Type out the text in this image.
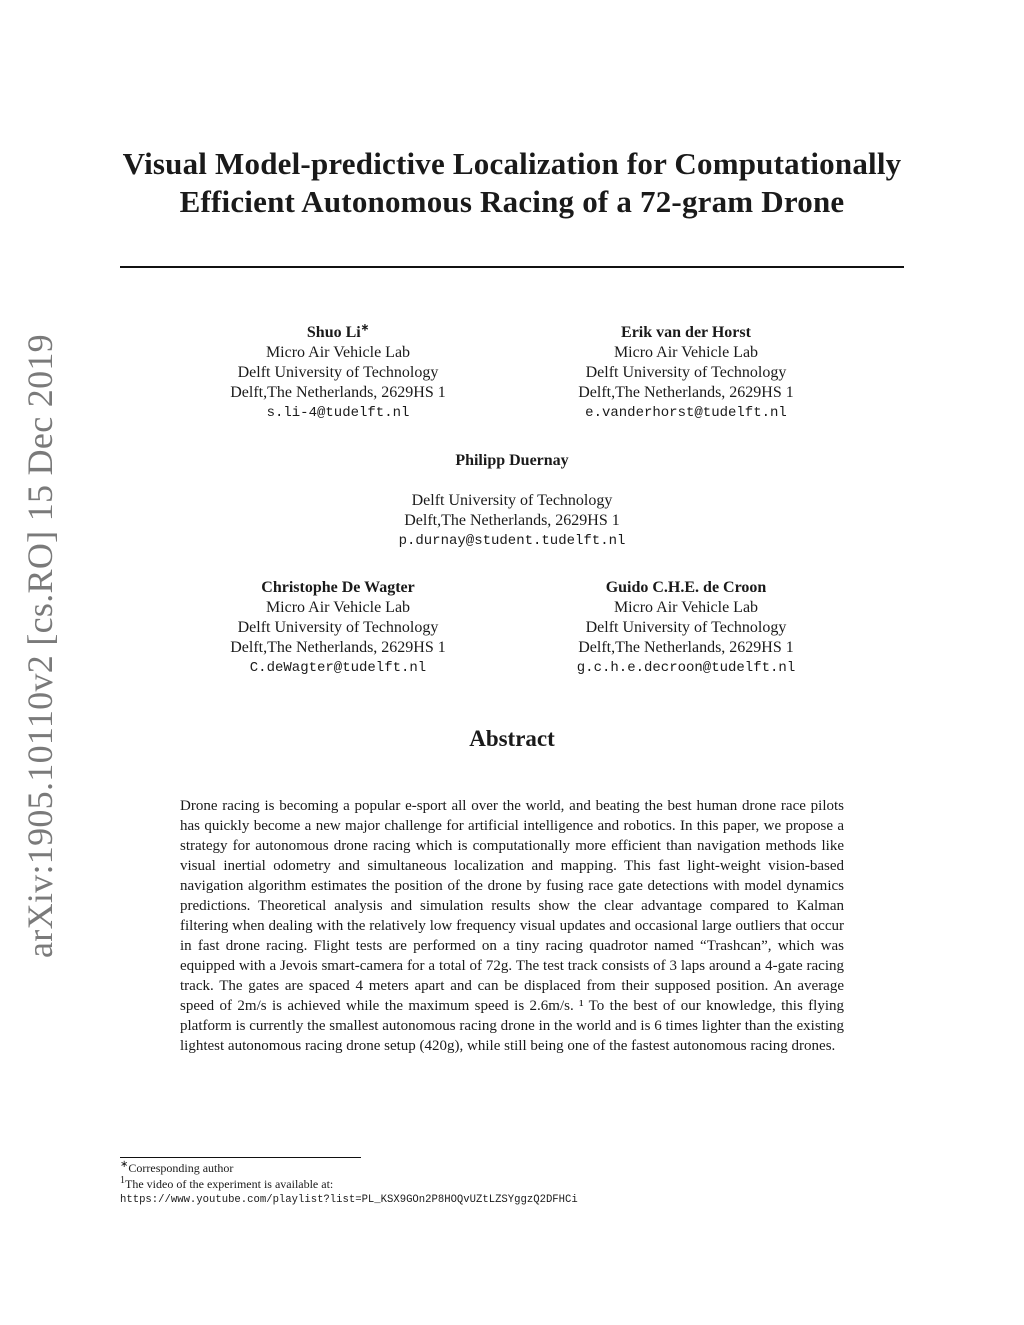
arXiv:1905.10110v2 [cs.RO] 15 Dec 2019
Visual Model-predictive Localization for Computationally Efficient Autonomous Racing of a 72-gram Drone
Shuo Li∗
Micro Air Vehicle Lab
Delft University of Technology
Delft,The Netherlands, 2629HS 1
s.li-4@tudelft.nl
Erik van der Horst
Micro Air Vehicle Lab
Delft University of Technology
Delft,The Netherlands, 2629HS 1
e.vanderhorst@tudelft.nl
Philipp Duernay
Delft University of Technology
Delft,The Netherlands, 2629HS 1
p.durnay@student.tudelft.nl
Christophe De Wagter
Micro Air Vehicle Lab
Delft University of Technology
Delft,The Netherlands, 2629HS 1
C.deWagter@tudelft.nl
Guido C.H.E. de Croon
Micro Air Vehicle Lab
Delft University of Technology
Delft,The Netherlands, 2629HS 1
g.c.h.e.decroon@tudelft.nl
Abstract

Drone racing is becoming a popular e-sport all over the world, and beating the best human drone race pilots has quickly become a new major challenge for artificial intelligence and robotics. In this paper, we propose a strategy for autonomous drone racing which is computationally more efficient than navigation methods like visual inertial odometry and simultaneous localization and mapping. This fast light-weight vision-based navigation algorithm estimates the position of the drone by fusing race gate detections with model dynamics predictions. Theoretical analysis and simulation results show the clear advantage compared to Kalman filtering when dealing with the relatively low frequency visual updates and occasional large outliers that occur in fast drone racing. Flight tests are performed on a tiny racing quadrotor named “Trashcan”, which was equipped with a Jevois smart-camera for a total of 72g. The test track consists of 3 laps around a 4-gate racing track. The gates are spaced 4 meters apart and can be displaced from their supposed position. An average speed of 2m/s is achieved while the maximum speed is 2.6m/s. ¹ To the best of our knowledge, this flying platform is currently the smallest autonomous racing drone in the world and is 6 times lighter than the existing lightest autonomous racing drone setup (420g), while still being one of the fastest autonomous racing drones.

∗Corresponding author
$^1$The video of the experiment is available at:
https://www.youtube.com/playlist?list=PL_KSX9GOn2P8HOQvUZtLZSYggzQ2DFHCi
